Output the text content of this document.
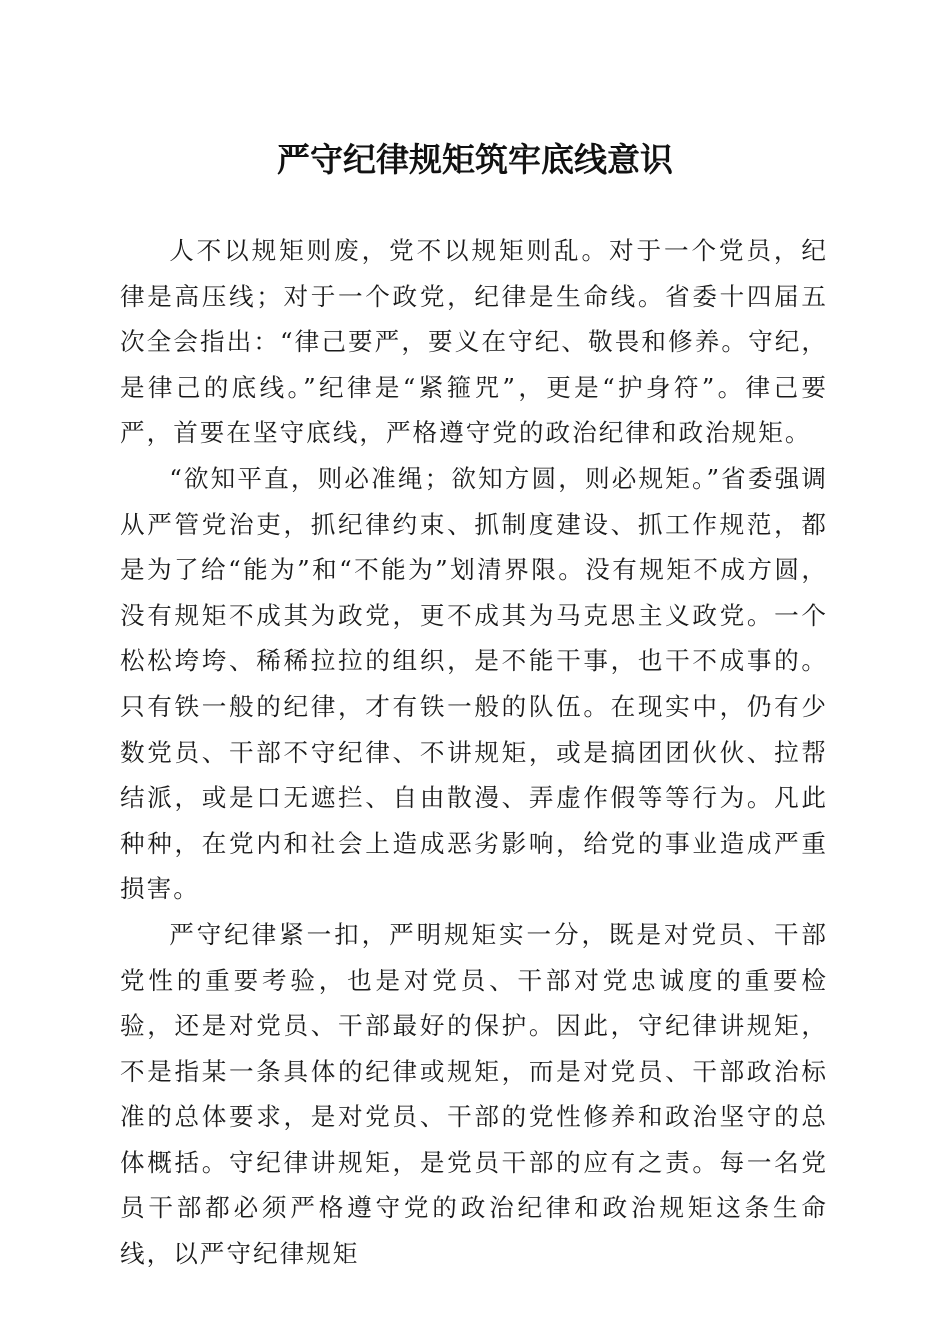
严守纪律规矩筑牢底线意识

人不以规矩则废，党不以规矩则乱。对于一个党员，纪律是高压线；对于一个政党，纪律是生命线。省委十四届五次全会指出：“律己要严，要义在守纪、敬畏和修养。守纪，是律己的底线。”纪律是“紧箍咒”，更是“护身符”。律己要严，首要在坚守底线，严格遵守党的政治纪律和政治规矩。

“欲知平直，则必准绳；欲知方圆，则必规矩。”省委强调从严管党治吏，抓纪律约束、抓制度建设、抓工作规范，都是为了给“能为”和“不能为”划清界限。没有规矩不成方圆，没有规矩不成其为政党，更不成其为马克思主义政党。一个松松垮垮、稀稀拉拉的组织，是不能干事，也干不成事的。只有铁一般的纪律，才有铁一般的队伍。在现实中，仍有少数党员、干部不守纪律、不讲规矩，或是搞团团伙伙、拉帮结派，或是口无遮拦、自由散漫、弄虚作假等等行为。凡此种种，在党内和社会上造成恶劣影响，给党的事业造成严重损害。

严守纪律紧一扣，严明规矩实一分，既是对党员、干部党性的重要考验，也是对党员、干部对党忠诚度的重要检验，还是对党员、干部最好的保护。因此，守纪律讲规矩，不是指某一条具体的纪律或规矩，而是对党员、干部政治标准的总体要求，是对党员、干部的党性修养和政治坚守的总体概括。守纪律讲规矩，是党员干部的应有之责。每一名党员干部都必须严格遵守党的政治纪律和政治规矩这条生命线，以严守纪律规矩
